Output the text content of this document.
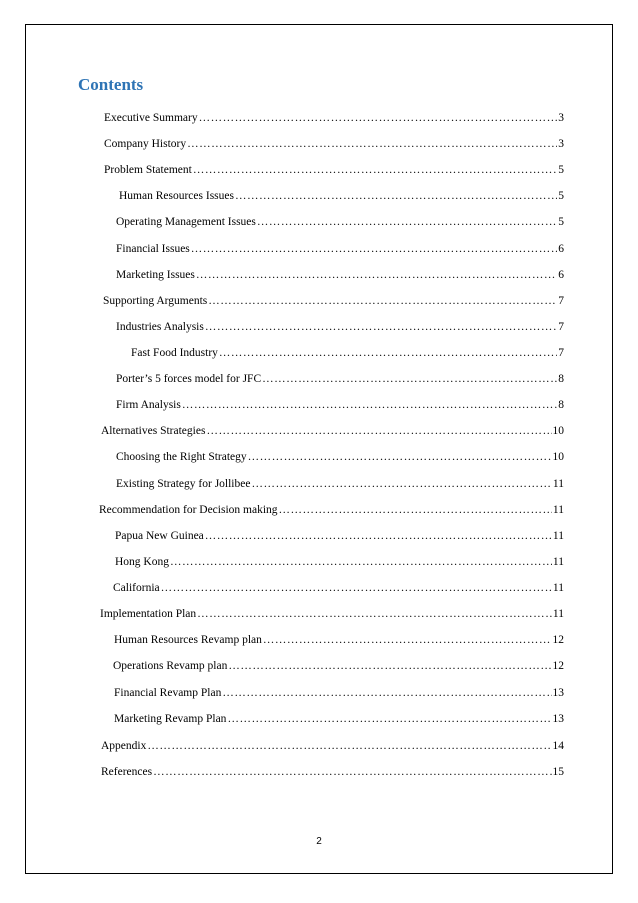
Contents
Executive Summary ……………………………………………………………………………………………………………………………………………………………………………………	3
Company History ……………………………………………………………………………………………………………………………………………………………………………………	3
Problem Statement ……………………………………………………………………………………………………………………………………………………………………………………	5
Human Resources Issues ……………………………………………………………………………………………………………………………………………………………………………………	5
Operating Management Issues ……………………………………………………………………………………………………………………………………………………………………………………	5
Financial Issues ……………………………………………………………………………………………………………………………………………………………………………………	6
Marketing Issues ……………………………………………………………………………………………………………………………………………………………………………………	6
Supporting Arguments ……………………………………………………………………………………………………………………………………………………………………………………	7
Industries Analysis ……………………………………………………………………………………………………………………………………………………………………………………	7
Fast Food Industry ……………………………………………………………………………………………………………………………………………………………………………………	7
Porter’s 5 forces model for JFC ……………………………………………………………………………………………………………………………………………………………………………………	8
Firm Analysis ……………………………………………………………………………………………………………………………………………………………………………………	8
Alternatives Strategies ……………………………………………………………………………………………………………………………………………………………………………………	10
Choosing the Right Strategy ……………………………………………………………………………………………………………………………………………………………………………………	10
Existing Strategy for Jollibee ……………………………………………………………………………………………………………………………………………………………………………………	11
Recommendation for Decision making ……………………………………………………………………………………………………………………………………………………………………………………	11
Papua New Guinea ……………………………………………………………………………………………………………………………………………………………………………………	11
Hong Kong ……………………………………………………………………………………………………………………………………………………………………………………	11
California ……………………………………………………………………………………………………………………………………………………………………………………	11
Implementation Plan ……………………………………………………………………………………………………………………………………………………………………………………	11
Human Resources Revamp plan ……………………………………………………………………………………………………………………………………………………………………………………	12
Operations Revamp plan ……………………………………………………………………………………………………………………………………………………………………………………	12
Financial Revamp Plan ……………………………………………………………………………………………………………………………………………………………………………………	13
Marketing Revamp Plan ……………………………………………………………………………………………………………………………………………………………………………………	13
Appendix ……………………………………………………………………………………………………………………………………………………………………………………	14
References ……………………………………………………………………………………………………………………………………………………………………………………	15
2
